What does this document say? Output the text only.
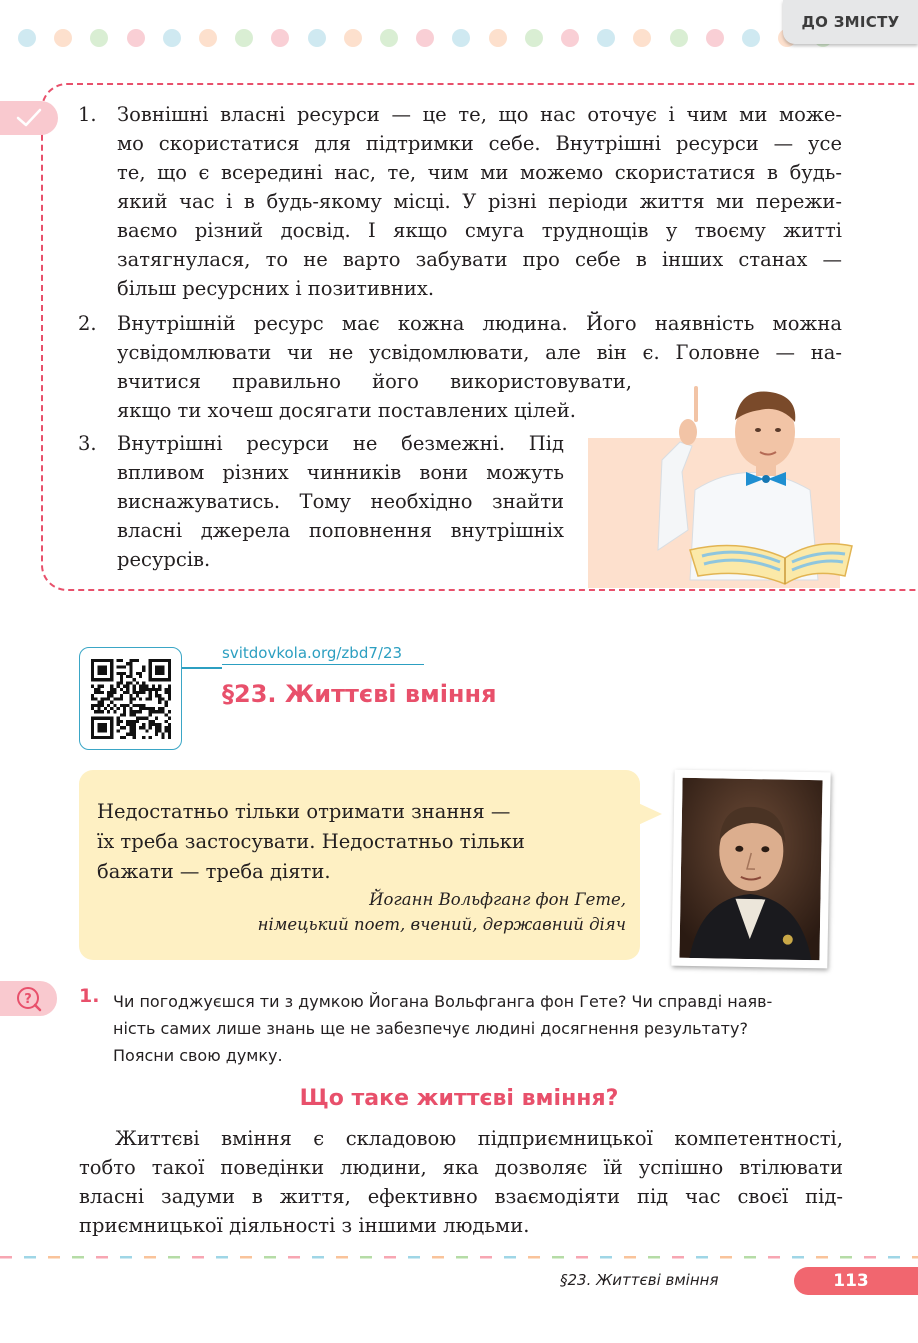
ДО ЗМІСТУ
1.	Зовнішні власні ресурси — це те, що нас оточує і чим ми може-
мо скористатися для підтримки себе. Внутрішні ресурси — усе
те, що є всередині нас, те, чим ми можемо скористатися в будь-
який час і в будь-якому місці. У різні періоди життя ми пережи-
ваємо різний досвід. І якщо смуга труднощів у твоєму житті
затягнулася, то не варто забувати про себе в інших станах —
більш ресурсних і позитивних.
2.	Внутрішній ресурс має кожна людина. Його наявність можна
усвідомлювати чи не усвідомлювати, але він є. Головне — на-
вчитися правильно його використовувати,
якщо ти хочеш досягати поставлених цілей.
3.	Внутрішні ресурси не безмежні. Під
впливом різних чинників вони можуть
виснажуватись. Тому необхідно знайти
власні джерела поповнення внутрішніх
ресурсів.
svitdovkola.org/zbd7/23
§23. Життєві вміння
Недостатньо тільки отримати знання —
їх треба застосувати. Недостатньо тільки
бажати — треба діяти.
Йоганн Вольфганг фон Гете,
німецький поет, вчений, державний діяч
?	1. Чи погоджуєшся ти з думкою Йогана Вольфганга фон Гете? Чи справді наяв-
ність самих лише знань ще не забезпечує людині досягнення результату?
Поясни свою думку.
Що таке життєві вміння?
Життєві вміння є складовою підприємницької компетентності,
тобто такої поведінки людини, яка дозволяє їй успішно втілювати
власні задуми в життя, ефективно взаємодіяти під час своєї під-
приємницької діяльності з іншими людьми.
§23. Життєві вміння	113
